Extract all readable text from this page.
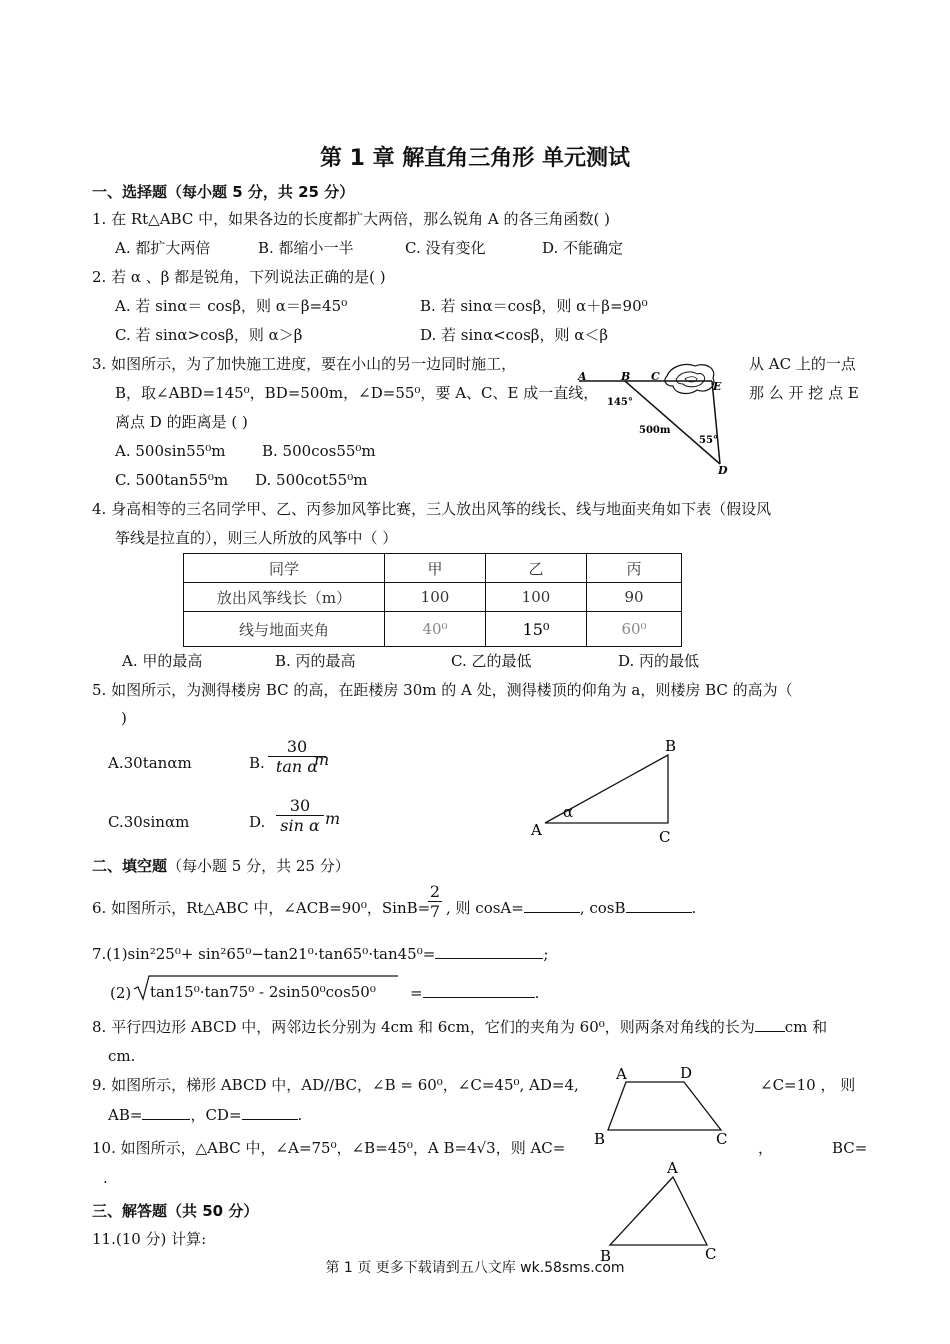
第 1 章 解直角三角形 单元测试
一、选择题（每小题 5 分，共 25 分）
1. 在 Rt△ABC 中，如果各边的长度都扩大两倍，那么锐角 A 的各三角函数( )
A. 都扩大两倍	B. 都缩小一半	C. 没有变化	D. 不能确定
2. 若 α 、β 都是锐角，下列说法正确的是( )
A. 若 sinα＝ cosβ，则 α＝β=45⁰	B. 若 sinα＝cosβ，则 α＋β=90⁰
C. 若 sinα>cosβ，则 α＞β	D. 若 sinα<cosβ，则 α＜β
3. 如图所示，为了加快施工进度，要在小山的另一边同时施工，	从 AC 上的一点
B，取∠ABD=145⁰，BD=500m，∠D=55⁰，要 A、C、E 成一直线，	那 么 开 挖 点 E
离点 D 的距离是 ( )
A. 500sin55⁰m B. 500cos55⁰m
C. 500tan55⁰m D. 500cot55⁰m
A	B C
E
D
145°
500m
55°
4. 身高相等的三名同学甲、乙、丙参加风筝比赛，三人放出风筝的线长、线与地面夹角如下表（假设风
筝线是拉直的），则三人所放的风筝中（ ）
同学	甲	乙	丙
放出风筝线长（m）	100	100	90
线与地面夹角	40⁰	15⁰	60⁰
A. 甲的最高	B. 丙的最高	C. 乙的最低	D. 丙的最低
5. 如图所示，为测得楼房 BC 的高，在距楼房 30m 的 A 处，测得楼顶的仰角为 a，则楼房 BC 的高为（
)
A.30tanαm	B. $\frac{30}{\text{tan α}}$
m
C.30sinαm	D. $\frac{30}{\text{sin α}}$ m
B
A	C
α
二、填空题（每小题 5 分，共 25 分）
6. 如图所示，Rt△ABC 中，∠ACB=90⁰，SinB=
$\frac{2}{7}$ , 则 cosA=	, cosB	.
7.(1)sin²25⁰+ sin²65⁰−tan21⁰·tan65⁰·tan45⁰=	;
(2) tan15⁰·tan75⁰ - 2sin50⁰cos50⁰ =	.
8. 平行四边形 ABCD 中，两邻边长分别为 4cm 和 6cm，它们的夹角为 60⁰，则两条对角线的长为 cm 和
cm.
9. 如图所示，梯形 ABCD 中，AD//BC，∠B = 60⁰，∠C=45⁰, AD=4,	∠C=10 ， 则
AB=	，CD=	.
A	D
B	C
10. 如图所示，△ABC 中，∠A=75⁰，∠B=45⁰，A B=4√3，则 AC=	，	BC=
.
A
B	C
三、解答题（共 50 分）
11.(10 分) 计算:
第 1 页 更多下载请到五八文库 wk.58sms.com
